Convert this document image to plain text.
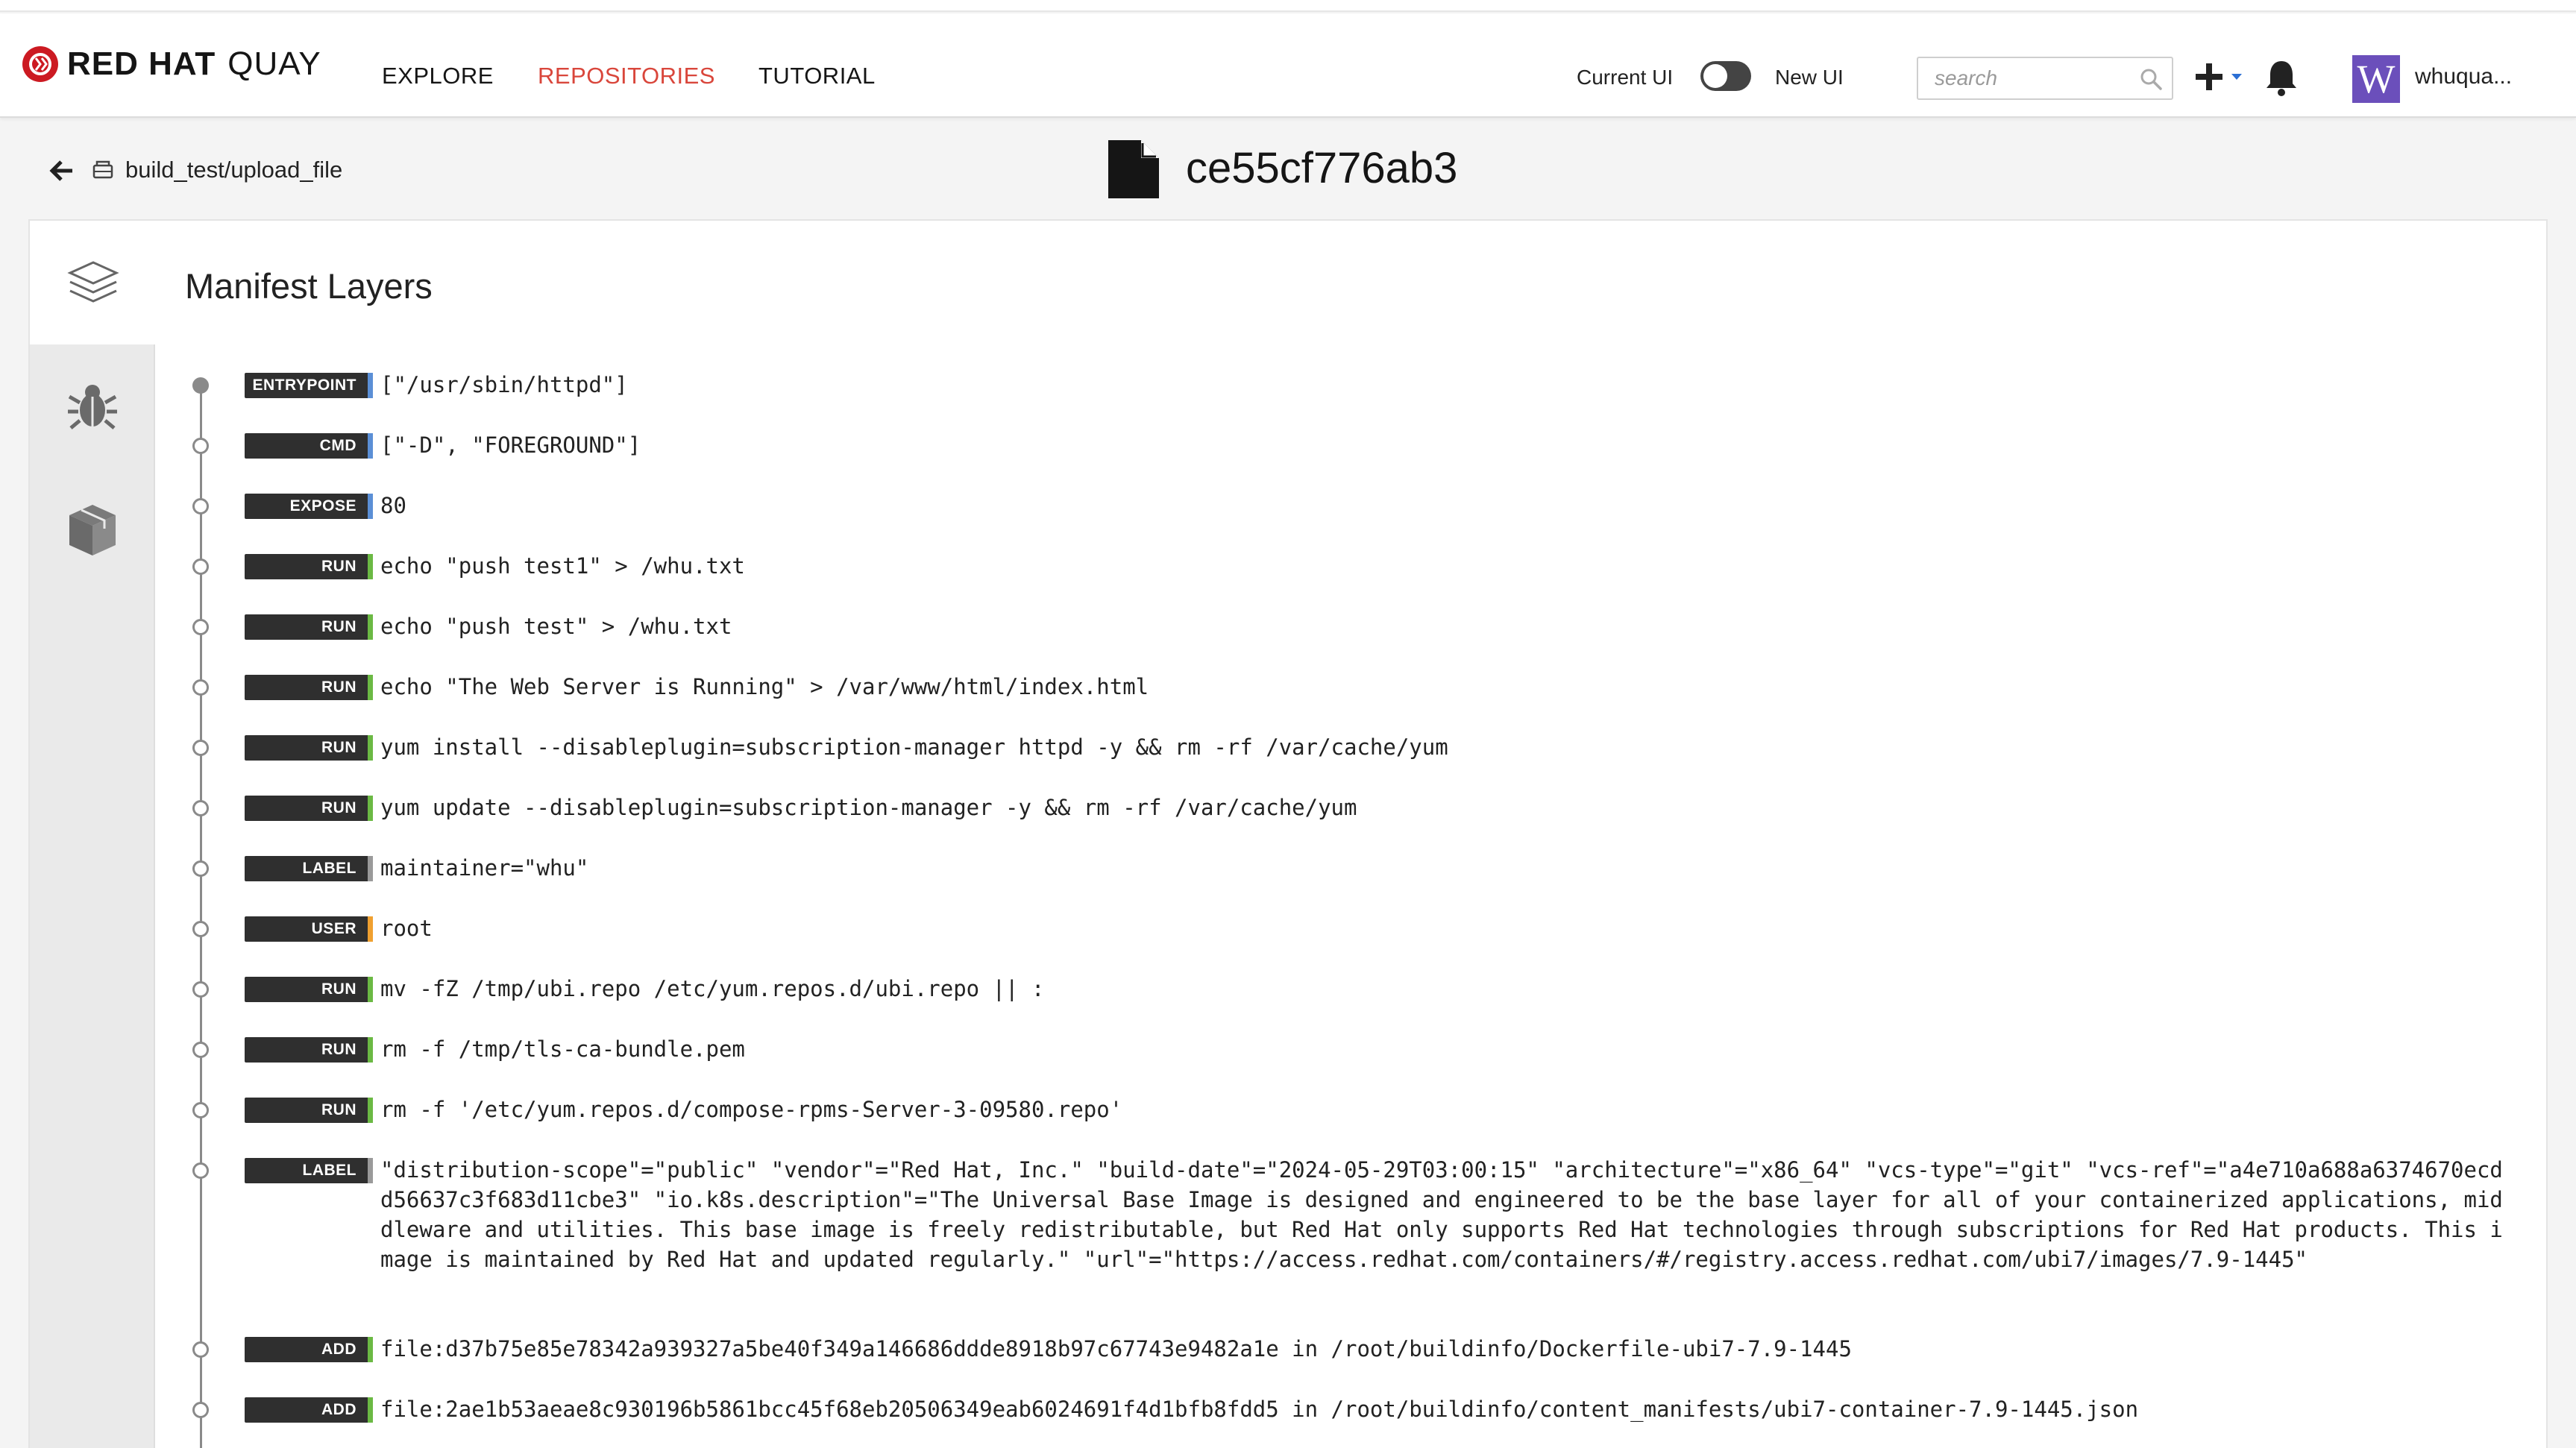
RED HAT QUAY	EXPLORE REPOSITORIES TUTORIAL	Current UI	New UI
search	W whuqua...
build_test/upload_file	ce55cf776ab3
Manifest Layers
ENTRYPOINT	["/usr/sbin/httpd"]
CMD	["-D", "FOREGROUND"]
EXPOSE	80
RUN	echo "push test1" > /whu.txt
RUN	echo "push test" > /whu.txt
RUN	echo "The Web Server is Running" > /var/www/html/index.html
RUN	yum install --disableplugin=subscription-manager httpd -y && rm -rf /var/cache/yum
RUN	yum update --disableplugin=subscription-manager -y && rm -rf /var/cache/yum
LABEL	maintainer="whu"
USER	root
RUN	mv -fZ /tmp/ubi.repo /etc/yum.repos.d/ubi.repo || :
RUN	rm -f /tmp/tls-ca-bundle.pem
RUN	rm -f '/etc/yum.repos.d/compose-rpms-Server-3-09580.repo'
LABEL	"distribution-scope"="public" "vendor"="Red Hat, Inc." "build-date"="2024-05-29T03:00:15" "architecture"="x86_64" "vcs-type"="git" "vcs-ref"="a4e710a688a6374670ecdd56637c3f683d11cbe3" "io.k8s.description"="The Universal Base Image is designed and engineered to be the base layer for all of your containerized applications, middleware and utilities. This base image is freely redistributable, but Red Hat only supports Red Hat technologies through subscriptions for Red Hat products. This image is maintained by Red Hat and updated regularly." "url"="https://access.redhat.com/containers/#/registry.access.redhat.com/ubi7/images/7.9-1445"
ADD	file:d37b75e85e78342a939327a5be40f349a146686ddde8918b97c67743e9482a1e in /root/buildinfo/Dockerfile-ubi7-7.9-1445
ADD	file:2ae1b53aeae8c930196b5861bcc45f68eb20506349eab6024691f4d1bfb8fdd5 in /root/buildinfo/content_manifests/ubi7-container-7.9-1445.json
